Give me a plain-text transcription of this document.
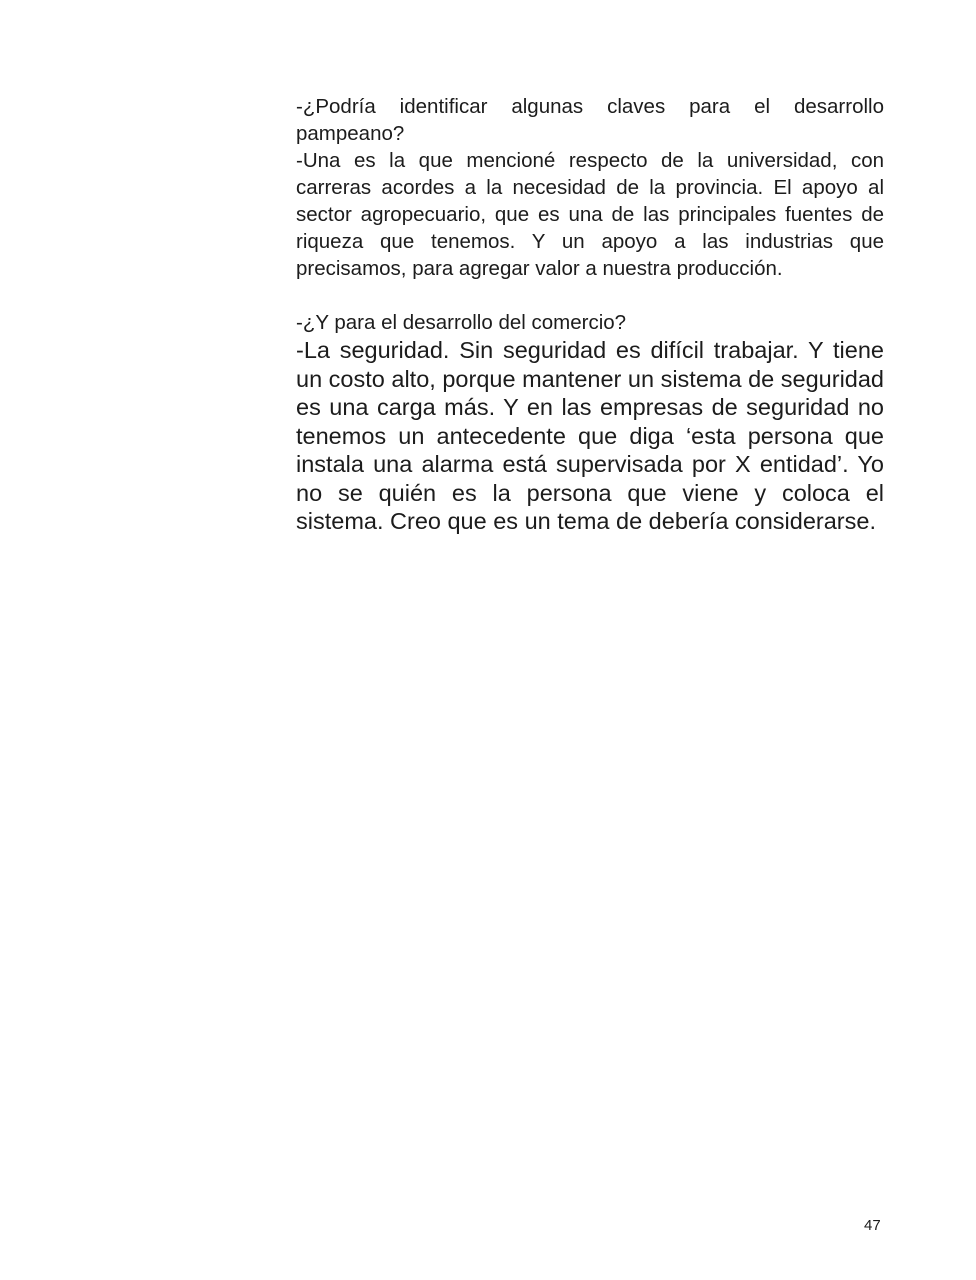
-¿Podría identificar algunas claves para el desarrollo pampeano?

-Una es la que mencioné respecto de la universidad, con carreras acordes a la necesidad de la provincia. El apoyo al sector agropecuario, que es una de las principales fuentes de riqueza que tenemos. Y un apoyo a las industrias que precisamos, para agregar valor a nuestra producción.

-¿Y para el desarrollo del comercio?

-La seguridad. Sin seguridad es difícil trabajar. Y tiene un costo alto, porque mantener un sistema de seguridad es una carga más. Y en las empresas de seguridad no tenemos un antecedente que diga ‘esta persona que instala una alarma está supervisada por X entidad’. Yo no se quién es la persona que viene y coloca el sistema. Creo que es un tema de debería considerarse.

47
